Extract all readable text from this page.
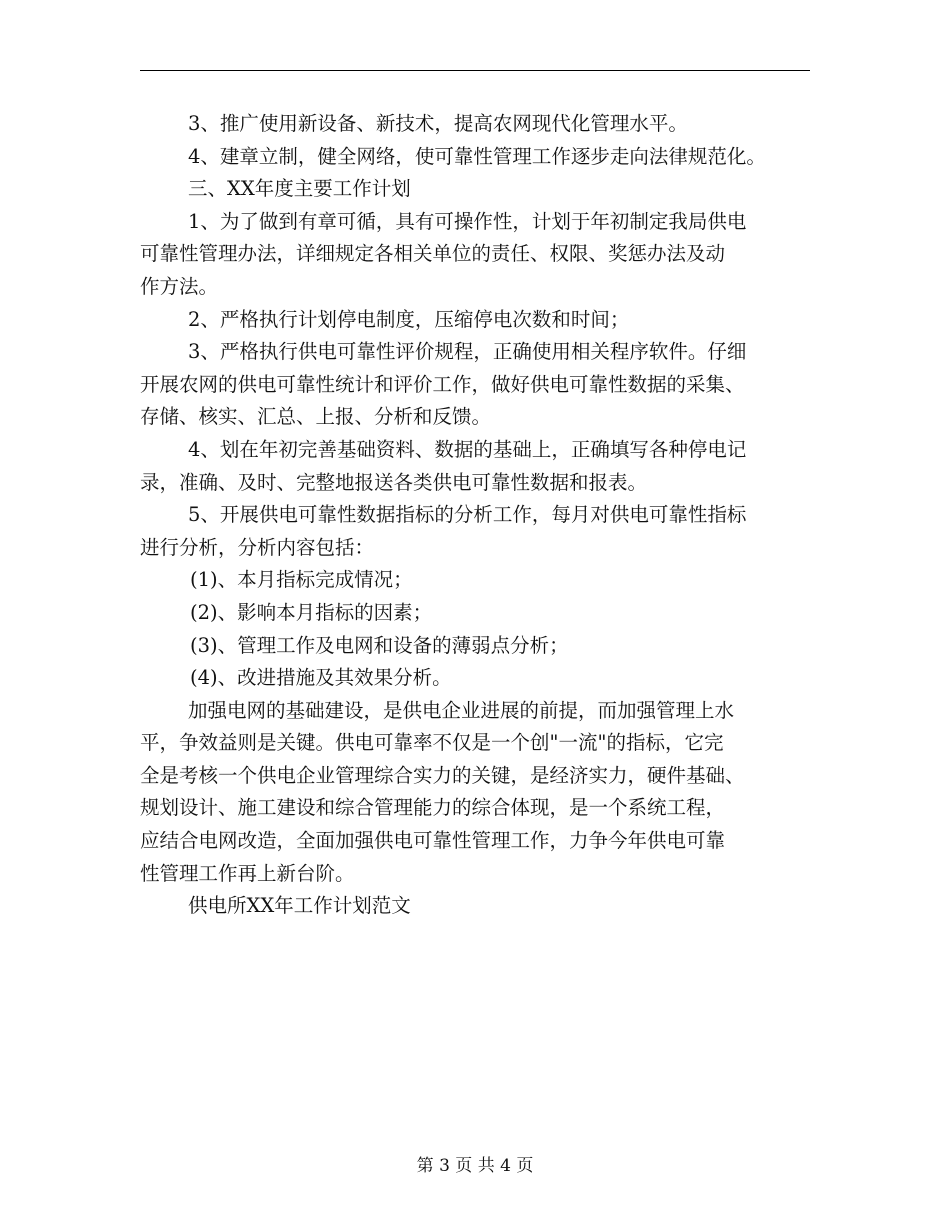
3、推广使用新设备、新技术，提高农网现代化管理水平。

4、建章立制，健全网络，使可靠性管理工作逐步走向法律规范化。

三、XX年度主要工作计划

1、为了做到有章可循，具有可操作性，计划于年初制定我局供电

可靠性管理办法，详细规定各相关单位的责任、权限、奖惩办法及动

作方法。

2、严格执行计划停电制度，压缩停电次数和时间；

3、严格执行供电可靠性评价规程，正确使用相关程序软件。仔细

开展农网的供电可靠性统计和评价工作，做好供电可靠性数据的采集、

存储、核实、汇总、上报、分析和反馈。

4、划在年初完善基础资料、数据的基础上，正确填写各种停电记

录，准确、及时、完整地报送各类供电可靠性数据和报表。

5、开展供电可靠性数据指标的分析工作，每月对供电可靠性指标

进行分析，分析内容包括：

(1)、本月指标完成情况；

(2)、影响本月指标的因素；

(3)、管理工作及电网和设备的薄弱点分析；

(4)、改进措施及其效果分析。

加强电网的基础建设，是供电企业进展的前提，而加强管理上水

平，争效益则是关键。供电可靠率不仅是一个创"一流"的指标，它完

全是考核一个供电企业管理综合实力的关键，是经济实力，硬件基础、

规划设计、施工建设和综合管理能力的综合体现，是一个系统工程，

应结合电网改造，全面加强供电可靠性管理工作，力争今年供电可靠

性管理工作再上新台阶。

供电所XX年工作计划范文

第 3 页 共 4 页
